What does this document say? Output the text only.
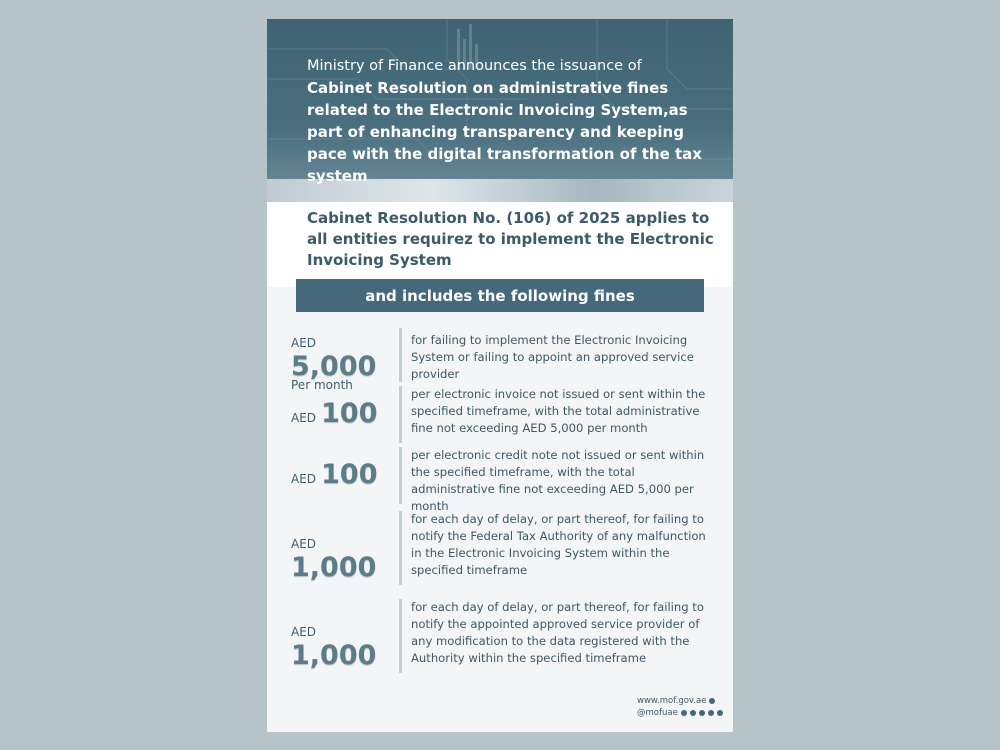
Ministry of Finance announces the issuance of
Cabinet Resolution on administrative fines related to the Electronic Invoicing System,as part of enhancing transparency and keeping pace with the digital transformation of the tax system
Cabinet Resolution No. (106) of 2025 applies to all entities requirez to implement the Electronic Invoicing System
and includes the following fines
AED 5,000
Per month
for failing to implement the Electronic Invoicing System or failing to appoint an approved service provider
AED 100
per electronic invoice not issued or sent within the specified timeframe, with the total administrative fine not exceeding AED 5,000 per month
AED 100
per electronic credit note not issued or sent within the specified timeframe, with the total administrative fine not exceeding AED 5,000 per month
AED 1,000
for each day of delay, or part thereof, for failing to notify the Federal Tax Authority of any malfunction in the Electronic Invoicing System within the specified timeframe
AED 1,000
for each day of delay, or part thereof, for failing to notify the appointed approved service provider of any modification to the data registered with the Authority within the specified timeframe
www.mof.gov.ae
@mofuae
